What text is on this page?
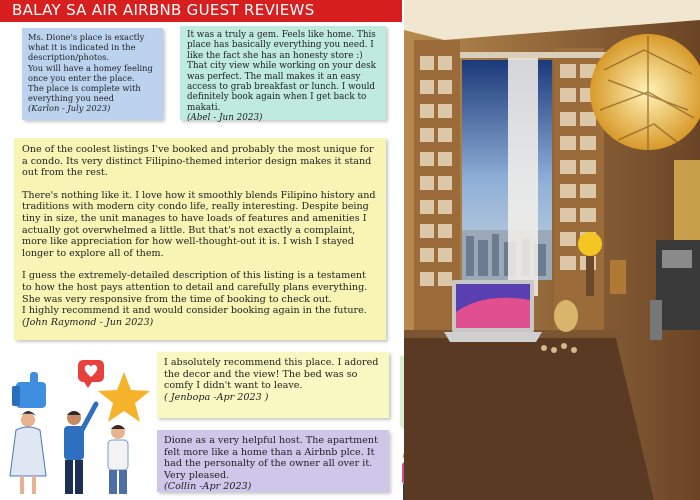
BALAY SA AIR AIRBNB GUEST REVIEWS

Ms. Dione's place is exactly what it is indicated in the description/photos.
You will have a homey feeling once you enter the place.
The place is complete with everything you need

(Karlon - July 2023)

It was a truly a gem. Feels like home. This place has basically everything you need. I like the fact she has an honesty store :)
That city view while working on your desk was perfect. The mall makes it an easy access to grab breakfast or lunch. I would definitely book again when I get back to makati.

(Abel - Jun 2023)

One of the coolest listings I've booked and probably the most unique for a condo. Its very distinct Filipino-themed interior design makes it stand out from the rest.

There's nothing like it. I love how it smoothly blends Filipino history and traditions with modern city condo life, really interesting. Despite being tiny in size, the unit manages to have loads of features and amenities I actually got overwhelmed a little. But that's not exactly a complaint, more like appreciation for how well-thought-out it is. I wish I stayed longer to explore all of them.

I guess the extremely-detailed description of this listing is a testament to how the host pays attention to detail and carefully plans everything. She was very responsive from the time of booking to check out.
I highly recommend it and would consider booking again in the future.

(John Raymond - Jun 2023)

I absolutely recommend this place. I adored the decor and the view! The bed was so comfy I didn't want to leave.

( Jenbopa -Apr 2023 )

Dione as a very helpful host. The apartment felt more like a home than a Airbnb plce. It had the personalty of the owner all over it. Very pleased.

(Collin -Apr 2023)
